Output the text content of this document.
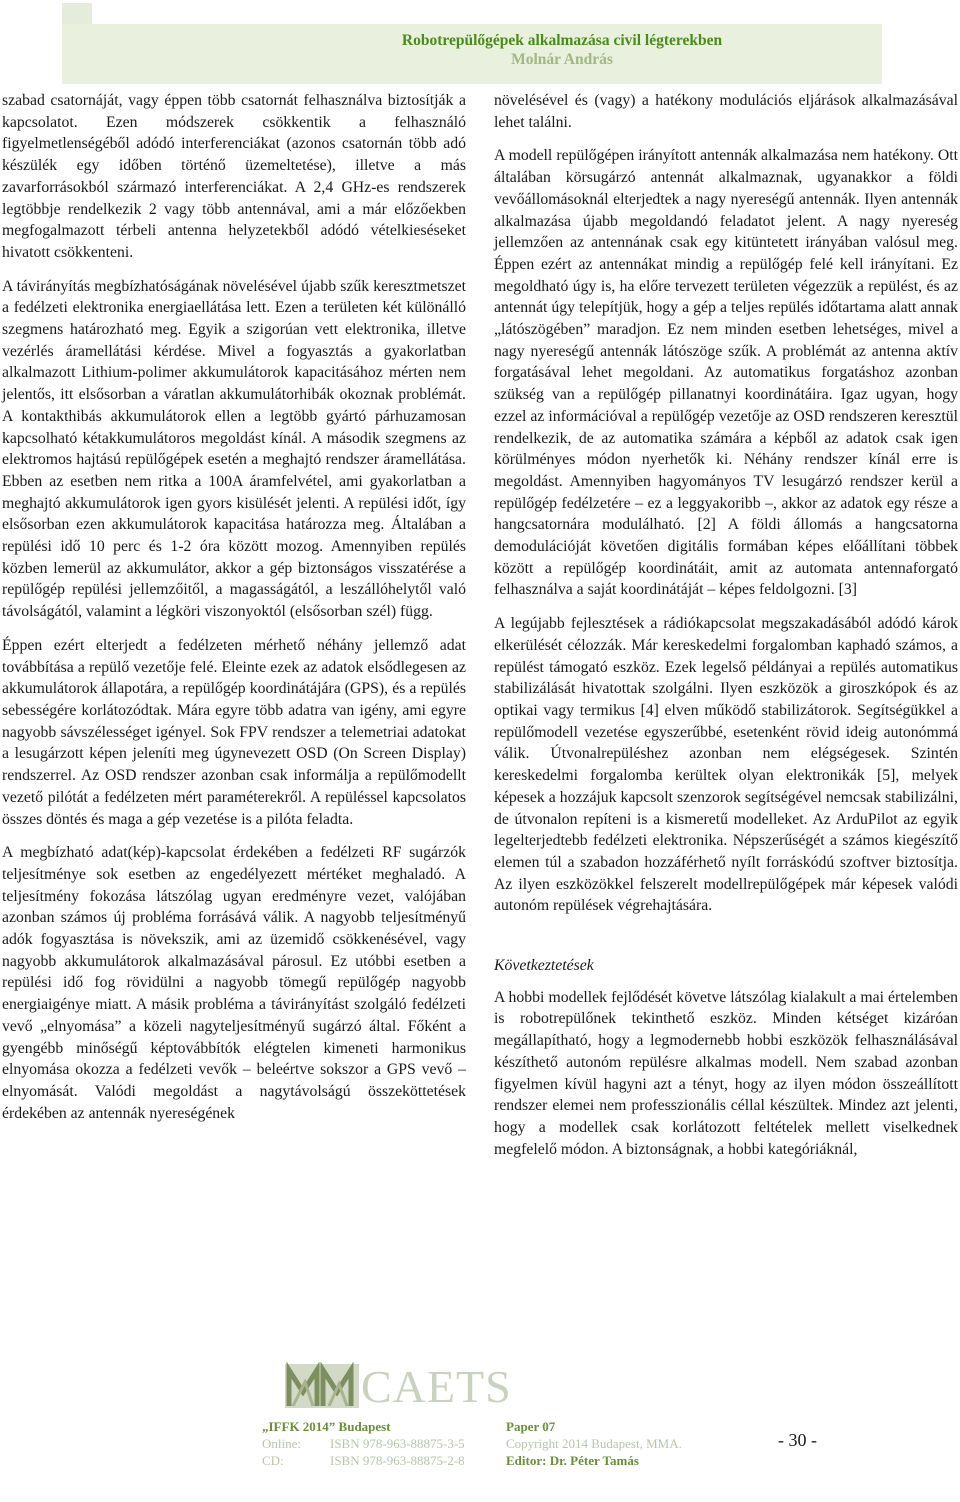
Robotrepülőgépek alkalmazása civil légterekben
Molnár András

szabad csatornáját, vagy éppen több csatornát felhasználva biztosítják a kapcsolatot. Ezen módszerek csökkentik a felhasználó figyelmetlenségéből adódó interferenciákat (azonos csatornán több adó készülék egy időben történő üzemeltetése), illetve a más zavarforrásokból származó interferenciákat. A 2,4 GHz-es rendszerek legtöbbje rendelkezik 2 vagy több antennával, ami a már előzőekben megfogalmazott térbeli antenna helyzetekből adódó vételkieséseket hivatott csökkenteni.

A távirányítás megbízhatóságának növelésével újabb szűk keresztmetszet a fedélzeti elektronika energiaellátása lett. Ezen a területen két különálló szegmens határozható meg. Egyik a szigorúan vett elektronika, illetve vezérlés áramellátási kérdése. Mivel a fogyasztás a gyakorlatban alkalmazott Lithium-polimer akkumulátorok kapacitásához mérten nem jelentős, itt elsősorban a váratlan akkumulátorhibák okoznak problémát. A kontakthibás akkumulátorok ellen a legtöbb gyártó párhuzamosan kapcsolható kétakkumulátoros megoldást kínál. A második szegmens az elektromos hajtású repülőgépek esetén a meghajtó rendszer áramellátása. Ebben az esetben nem ritka a 100A áramfelvétel, ami gyakorlatban a meghajtó akkumulátorok igen gyors kisülését jelenti. A repülési időt, így elsősorban ezen akkumulátorok kapacitása határozza meg. Általában a repülési idő 10 perc és 1-2 óra között mozog. Amennyiben repülés közben lemerül az akkumulátor, akkor a gép biztonságos visszatérése a repülőgép repülési jellemzőitől, a magasságától, a leszállóhelytől való távolságától, valamint a légköri viszonyoktól (elsősorban szél) függ.

Éppen ezért elterjedt a fedélzeten mérhető néhány jellemző adat továbbítása a repülő vezetője felé. Eleinte ezek az adatok elsődlegesen az akkumulátorok állapotára, a repülőgép koordinátájára (GPS), és a repülés sebességére korlátozódtak. Mára egyre több adatra van igény, ami egyre nagyobb sávszélességet igényel. Sok FPV rendszer a telemetriai adatokat a lesugárzott képen jeleníti meg úgynevezett OSD (On Screen Display) rendszerrel. Az OSD rendszer azonban csak informálja a repülőmodellt vezető pilótát a fedélzeten mért paraméterekről. A repüléssel kapcsolatos összes döntés és maga a gép vezetése is a pilóta feladta.

A megbízható adat(kép)-kapcsolat érdekében a fedélzeti RF sugárzók teljesítménye sok esetben az engedélyezett mértéket meghaladó. A teljesítmény fokozása látszólag ugyan eredményre vezet, valójában azonban számos új probléma forrásává válik. A nagyobb teljesítményű adók fogyasztása is növekszik, ami az üzemidő csökkenésével, vagy nagyobb akkumulátorok alkalmazásával párosul. Ez utóbbi esetben a repülési idő fog rövidülni a nagyobb tömegű repülőgép nagyobb energiaigénye miatt. A másik probléma a távirányítást szolgáló fedélzeti vevő „elnyomása” a közeli nagyteljesítményű sugárzó által. Főként a gyengébb minőségű képtovábbítók elégtelen kimeneti harmonikus elnyomása okozza a fedélzeti vevők – beleértve sokszor a GPS vevő – elnyomását. Valódi megoldást a nagytávolságú összeköttetések érdekében az antennák nyereségének

növelésével és (vagy) a hatékony modulációs eljárások alkalmazásával lehet találni.

A modell repülőgépen irányított antennák alkalmazása nem hatékony. Ott általában körsugárzó antennát alkalmaznak, ugyanakkor a földi vevőállomásoknál elterjedtek a nagy nyereségű antennák. Ilyen antennák alkalmazása újabb megoldandó feladatot jelent. A nagy nyereség jellemzően az antennának csak egy kitüntetett irányában valósul meg. Éppen ezért az antennákat mindig a repülőgép felé kell irányítani. Ez megoldható úgy is, ha előre tervezett területen végezzük a repülést, és az antennát úgy telepítjük, hogy a gép a teljes repülés időtartama alatt annak „látószögében” maradjon. Ez nem minden esetben lehetséges, mivel a nagy nyereségű antennák látószöge szűk. A problémát az antenna aktív forgatásával lehet megoldani. Az automatikus forgatáshoz azonban szükség van a repülőgép pillanatnyi koordinátáira. Igaz ugyan, hogy ezzel az információval a repülőgép vezetője az OSD rendszeren keresztül rendelkezik, de az automatika számára a képből az adatok csak igen körülményes módon nyerhetők ki. Néhány rendszer kínál erre is megoldást. Amennyiben hagyományos TV lesugárzó rendszer kerül a repülőgép fedélzetére – ez a leggyakoribb –, akkor az adatok egy része a hangcsatornára modulálható. [2] A földi állomás a hangcsatorna demodulációját követően digitális formában képes előállítani többek között a repülőgép koordinátáit, amit az automata antennaforgató felhasználva a saját koordinátáját – képes feldolgozni. [3]

A legújabb fejlesztések a rádiókapcsolat megszakadásából adódó károk elkerülését célozzák. Már kereskedelmi forgalomban kaphadó számos, a repülést támogató eszköz. Ezek legelső példányai a repülés automatikus stabilizálását hivatottak szolgálni. Ilyen eszközök a giroszkópok és az optikai vagy termikus [4] elven működő stabilizátorok. Segítségükkel a repülőmodell vezetése egyszerűbbé, esetenként rövid ideig autonómmá válik. Útvonalrepüléshez azonban nem elégségesek. Szintén kereskedelmi forgalomba kerültek olyan elektronikák [5], melyek képesek a hozzájuk kapcsolt szenzorok segítségével nemcsak stabilizálni, de útvonalon repíteni is a kismeretű modelleket. Az ArduPilot az egyik legelterjedtebb fedélzeti elektronika. Népszerűségét a számos kiegészítő elemen túl a szabadon hozzáférhető nyílt forráskódú szoftver biztosítja. Az ilyen eszközökkel felszerelt modellrepülőgépek már képesek valódi autonóm repülések végrehajtására.

Következtetések

A hobbi modellek fejlődését követve látszólag kialakult a mai értelemben is robotrepülőnek tekinthető eszköz. Minden kétséget kizáróan megállapítható, hogy a legmodernebb hobbi eszközök felhasználásával készíthető autonóm repülésre alkalmas modell. Nem szabad azonban figyelmen kívül hagyni azt a tényt, hogy az ilyen módon összeállított rendszer elemei nem professzionális céllal készültek. Mindez azt jelenti, hogy a modellek csak korlátozott feltételek mellett viselkednek megfelelő módon. A biztonságnak, a hobbi kategóriáknál,

CAETS
„IFFK 2014” Budapest
Online: ISBN 978-963-88875-3-5
CD:	ISBN 978-963-88875-2-8
Paper 07
Copyright 2014 Budapest, MMA.
Editor: Dr. Péter Tamás
- 30 -
